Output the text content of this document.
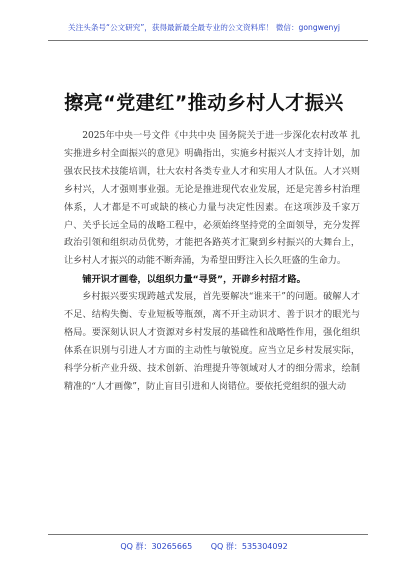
关注头条号“公文研究”，获得最新最全最专业的公文资料库！ 微信：gongwenyj
擦亮“党建红”推动乡村人才振兴

2025年中央一号文件《中共中央 国务院关于进一步深化农村改革 扎实推进乡村全面振兴的意见》明确指出，实施乡村振兴人才支持计划，加强农民技术技能培训，壮大农村各类专业人才和实用人才队伍。人才兴则乡村兴，人才强则事业强。无论是推进现代农业发展，还是完善乡村治理体系，人才都是不可或缺的核心力量与决定性因素。在这项涉及千家万户、关乎长远全局的战略工程中，必须始终坚持党的全面领导，充分发挥政治引领和组织动员优势，才能把各路英才汇聚到乡村振兴的大舞台上，让乡村人才振兴的动能不断奔涌，为希望田野注入长久旺盛的生命力。

铺开识才画卷，以组织力量“寻贤”，开辟乡村招才路。

乡村振兴要实现跨越式发展，首先要解决“谁来干”的问题。破解人才不足、结构失衡、专业短板等瓶颈，离不开主动识才、善于识才的眼光与格局。要深刻认识人才资源对乡村发展的基础性和战略性作用，强化组织体系在识别与引进人才方面的主动性与敏锐度。应当立足乡村发展实际，科学分析产业升级、技术创新、治理提升等领域对人才的细分需求，绘制精准的“人才画像”，防止盲目引进和人岗错位。要依托党组织的强大动

QQ 群：30265665 QQ 群：535304092
